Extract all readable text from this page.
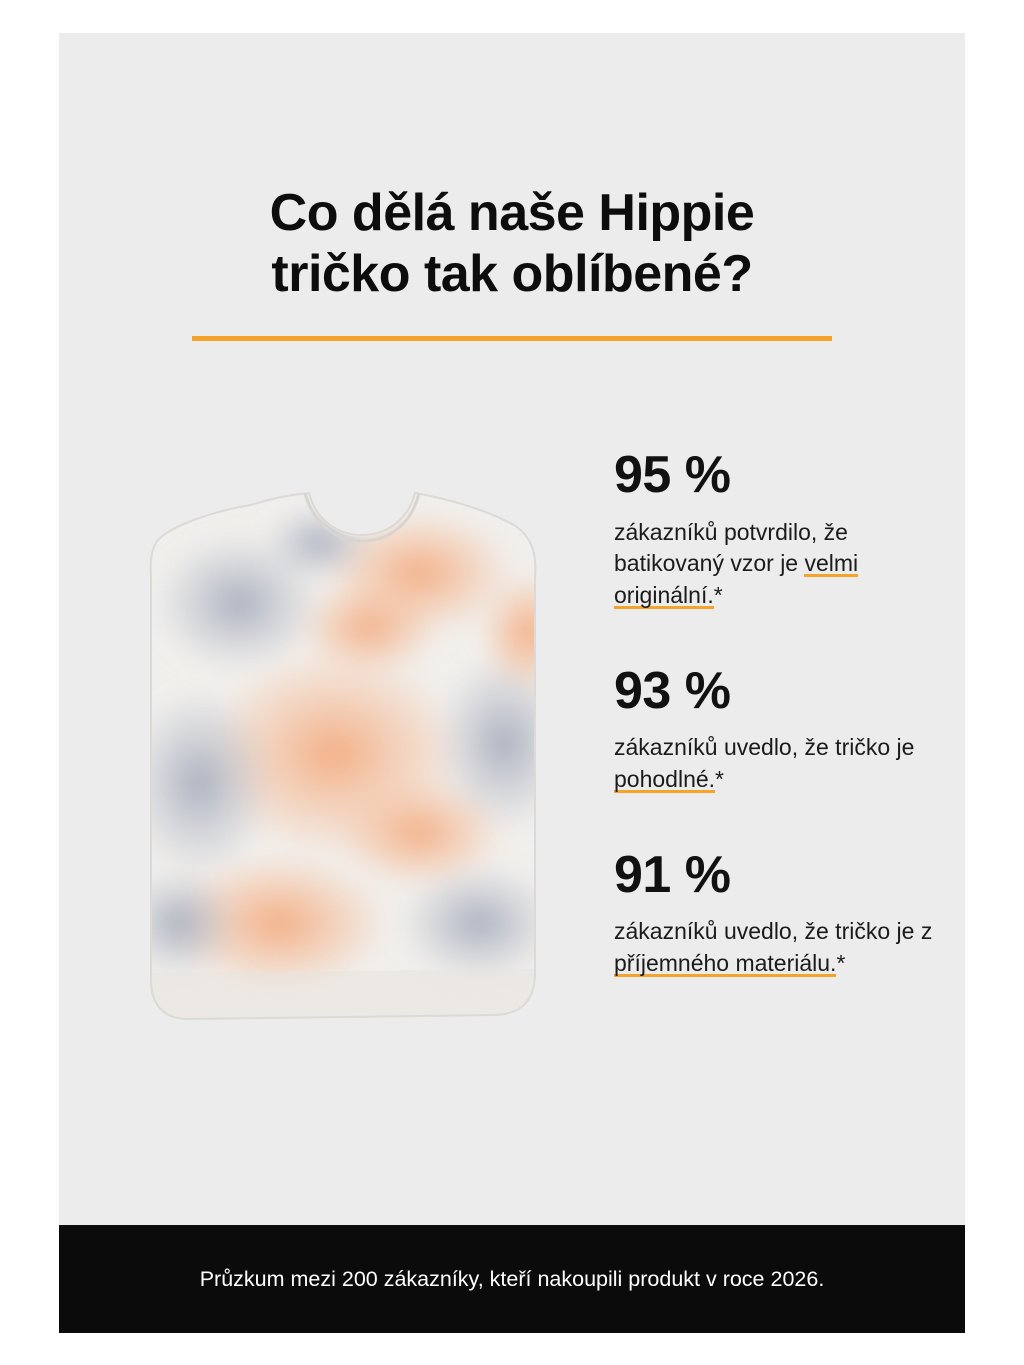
Co dělá naše Hippie
tričko tak oblíbené?
95 %
zákazníků potvrdilo, že batikovaný vzor je velmi originální.*
93 %
zákazníků uvedlo, že tričko je pohodlné.*
91 %
zákazníků uvedlo, že tričko je z příjemného materiálu.*
Průzkum mezi 200 zákazníky, kteří nakoupili produkt v roce 2026.
